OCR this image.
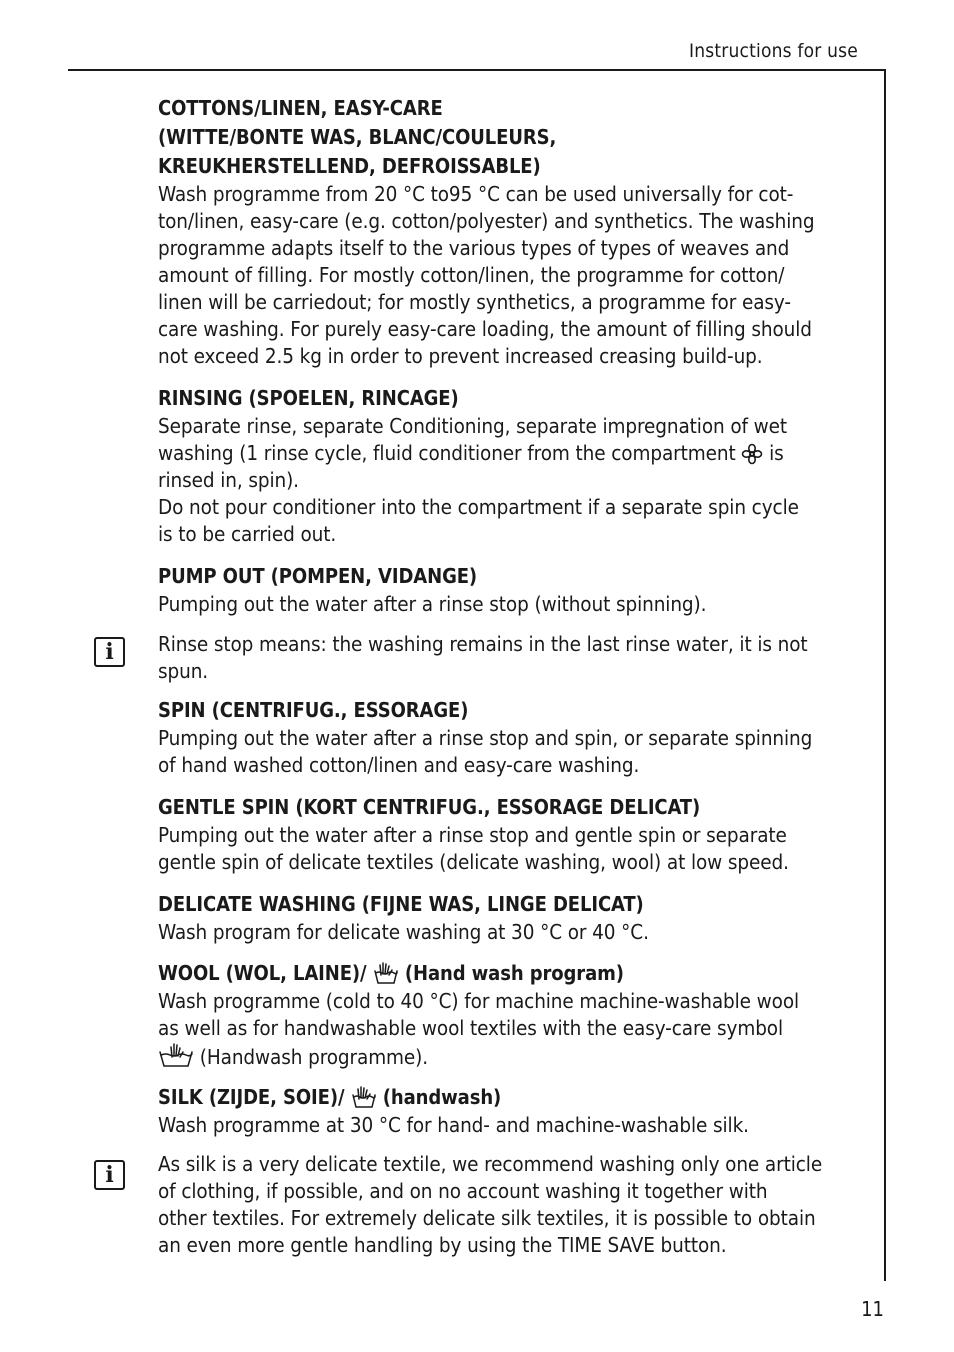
Instructions for use
COTTONS/LINEN, EASY-CARE
(WITTE/BONTE WAS, BLANC/COULEURS,
KREUKHERSTELLEND, DEFROISSABLE)
Wash programme from 20 °C to95 °C can be used universally for cot-
ton/linen, easy-care (e.g. cotton/polyester) and synthetics. The washing
programme adapts itself to the various types of types of weaves and
amount of filling. For mostly cotton/linen, the programme for cotton/
linen will be carriedout; for mostly synthetics, a programme for easy-
care washing. For purely easy-care loading, the amount of filling should
not exceed 2.5 kg in order to prevent increased creasing build-up.
RINSING (SPOELEN, RINCAGE)
Separate rinse, separate Conditioning, separate impregnation of wet
washing (1 rinse cycle, fluid conditioner from the compartment is
rinsed in, spin).
Do not pour conditioner into the compartment if a separate spin cycle
is to be carried out.
PUMP OUT (POMPEN, VIDANGE)
Pumping out the water after a rinse stop (without spinning).
i	Rinse stop means: the washing remains in the last rinse water, it is not
spun.
SPIN (CENTRIFUG., ESSORAGE)
Pumping out the water after a rinse stop and spin, or separate spinning
of hand washed cotton/linen and easy-care washing.
GENTLE SPIN (KORT CENTRIFUG., ESSORAGE DELICAT)
Pumping out the water after a rinse stop and gentle spin or separate
gentle spin of delicate textiles (delicate washing, wool) at low speed.
DELICATE WASHING (FIJNE WAS, LINGE DELICAT)
Wash program for delicate washing at 30 °C or 40 °C.
WOOL (WOL, LAINE)/ (Hand wash program)
Wash programme (cold to 40 °C) for machine machine-washable wool
as well as for handwashable wool textiles with the easy-care symbol
(Handwash programme).
SILK (ZIJDE, SOIE)/ (handwash)
Wash programme at 30 °C for hand- and machine-washable silk.
i	As silk is a very delicate textile, we recommend washing only one article
of clothing, if possible, and on no account washing it together with
other textiles. For extremely delicate silk textiles, it is possible to obtain
an even more gentle handling by using the TIME SAVE button.
11
